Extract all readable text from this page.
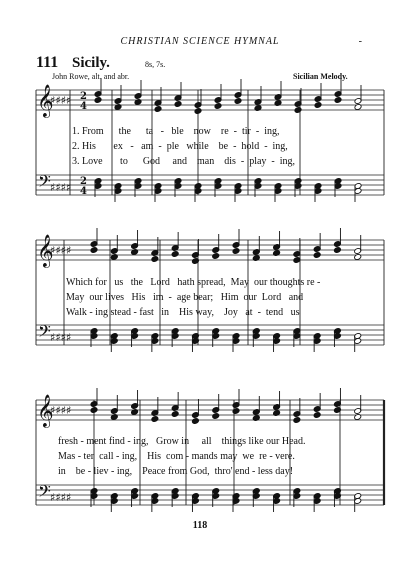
CHRISTIAN SCIENCE HYMNAL	-
111 Sicily.	8s, 7s.
John Rowe, alt. and abr.	Sicilian Melody.
𝄞
𝄢
♯♯♯♯
♯♯♯♯
2
4
2
4
𝄞
𝄢
♯♯♯♯
♯♯♯♯
𝄞
𝄢
♯♯♯♯
♯♯♯♯
1. From      the      ta   -   ble    now    re  -  tir  -  ing,
2. His       ex   -   am  -  ple   while    be  -  hold  -  ing,
3. Love       to      God     and    man    dis  -  play  -  ing,
Which for   us   the   Lord   hath spread,  May  our thoughts re -
May  our lives   His   im  -  age bear;   Him  our  Lord   and
Walk - ing stead - fast   in    His way,    Joy   at  -  tend   us
fresh - ment find - ing,   Grow in     all    things like our Head.
Mas - ter  call - ing,    His  com - mands may  we  re - vere.
in    be - liev - ing,    Peace from God,  thro' end - less day!
118
